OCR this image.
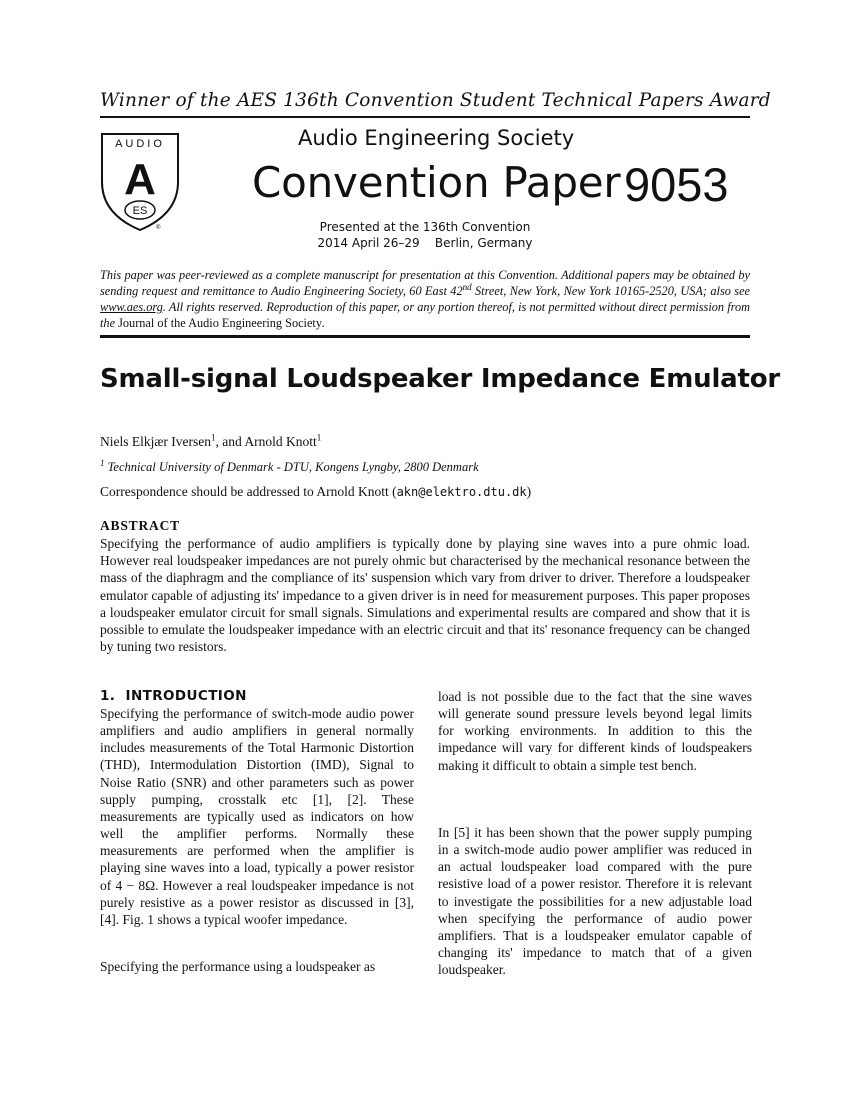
Winner of the AES 136th Convention Student Technical Papers Award
AUDIO
A
ES
®
Audio Engineering Society
Convention Paper 9053
Presented at the 136th Convention
2014 April 26–29    Berlin, Germany
This paper was peer-reviewed as a complete manuscript for presentation at this Convention. Additional papers may be obtained by sending request and remittance to Audio Engineering Society, 60 East 42nd Street, New York, New York 10165-2520, USA; also see www.aes.org. All rights reserved. Reproduction of this paper, or any portion thereof, is not permitted without direct permission from the Journal of the Audio Engineering Society.
Small-signal Loudspeaker Impedance Emulator
Niels Elkjær Iversen$^1$, and Arnold Knott$^1$
$^1$ Technical University of Denmark - DTU, Kongens Lyngby, 2800 Denmark
Correspondence should be addressed to Arnold Knott (akn@elektro.dtu.dk)
ABSTRACT

Specifying the performance of audio amplifiers is typically done by playing sine waves into a pure ohmic load. However real loudspeaker impedances are not purely ohmic but characterised by the mechanical resonance between the mass of the diaphragm and the compliance of its' suspension which vary from driver to driver. Therefore a loudspeaker emulator capable of adjusting its' impedance to a given driver is in need for measurement purposes. This paper proposes a loudspeaker emulator circuit for small signals. Simulations and experimental results are compared and show that it is possible to emulate the loudspeaker impedance with an electric circuit and that its' resonance frequency can be changed by tuning two resistors.

1.  INTRODUCTION

Specifying the performance of switch-mode audio power amplifiers and audio amplifiers in general normally includes measurements of the Total Harmonic Distortion (THD), Intermodulation Distortion (IMD), Signal to Noise Ratio (SNR) and other parameters such as power supply pumping, crosstalk etc [1], [2]. These measurements are typically used as indicators on how well the amplifier performs. Normally these measurements are performed when the amplifier is playing sine waves into a load, typically a power resistor of 4 − 8Ω. However a real loudspeaker impedance is not purely resistive as a power resistor as discussed in [3], [4]. Fig. 1 shows a typical woofer impedance.

Specifying the performance using a loudspeaker as

load is not possible due to the fact that the sine waves will generate sound pressure levels beyond legal limits for working environments. In addition to this the impedance will vary for different kinds of loudspeakers making it difficult to obtain a simple test bench.

In [5] it has been shown that the power supply pumping in a switch-mode audio power amplifier was reduced in an actual loudspeaker load compared with the pure resistive load of a power resistor. Therefore it is relevant to investigate the possibilities for a new adjustable load when specifying the performance of audio power amplifiers. That is a loudspeaker emulator capable of changing its' impedance to match that of a given loudspeaker.
